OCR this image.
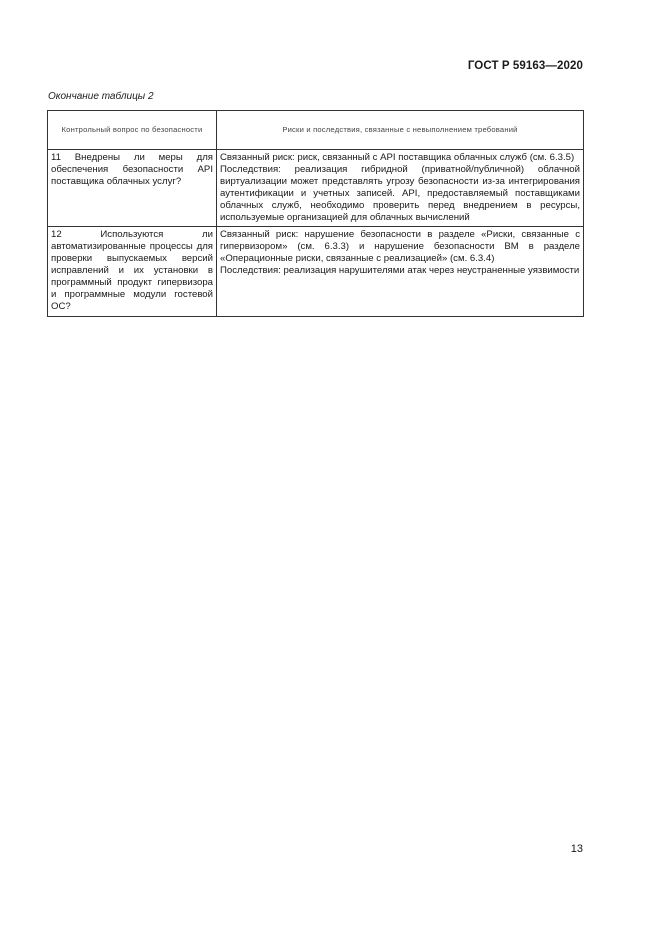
ГОСТ Р 59163—2020
Окончание таблицы 2
Контрольный вопрос по безопасности	Риски и последствия, связанные с невыполнением требований

11 Внедрены ли меры для обеспечения безопасности API поставщика облачных услуг?	Связанный риск: риск, связанный с API поставщика облачных служб (см. 6.3.5)

Последствия: реализация гибридной (приватной/публичной) облачной виртуализации может представлять угрозу безопасности из-за интегрирования аутентификации и учетных записей. API, предоставляемый поставщиками облачных служб, необходимо проверить перед внедрением в ресурсы, используемые организацией для облачных вычислений

12 Используются ли автоматизированные процессы для проверки выпускаемых версий исправлений и их установки в программный продукт гипервизора и программные модули гостевой ОС?	Связанный риск: нарушение безопасности в разделе «Риски, связанные с гипервизором» (см. 6.3.3) и нарушение безопасности ВМ в разделе «Операционные риски, связанные с реализацией» (см. 6.3.4)

Последствия: реализация нарушителями атак через неустраненные уязвимости

13
